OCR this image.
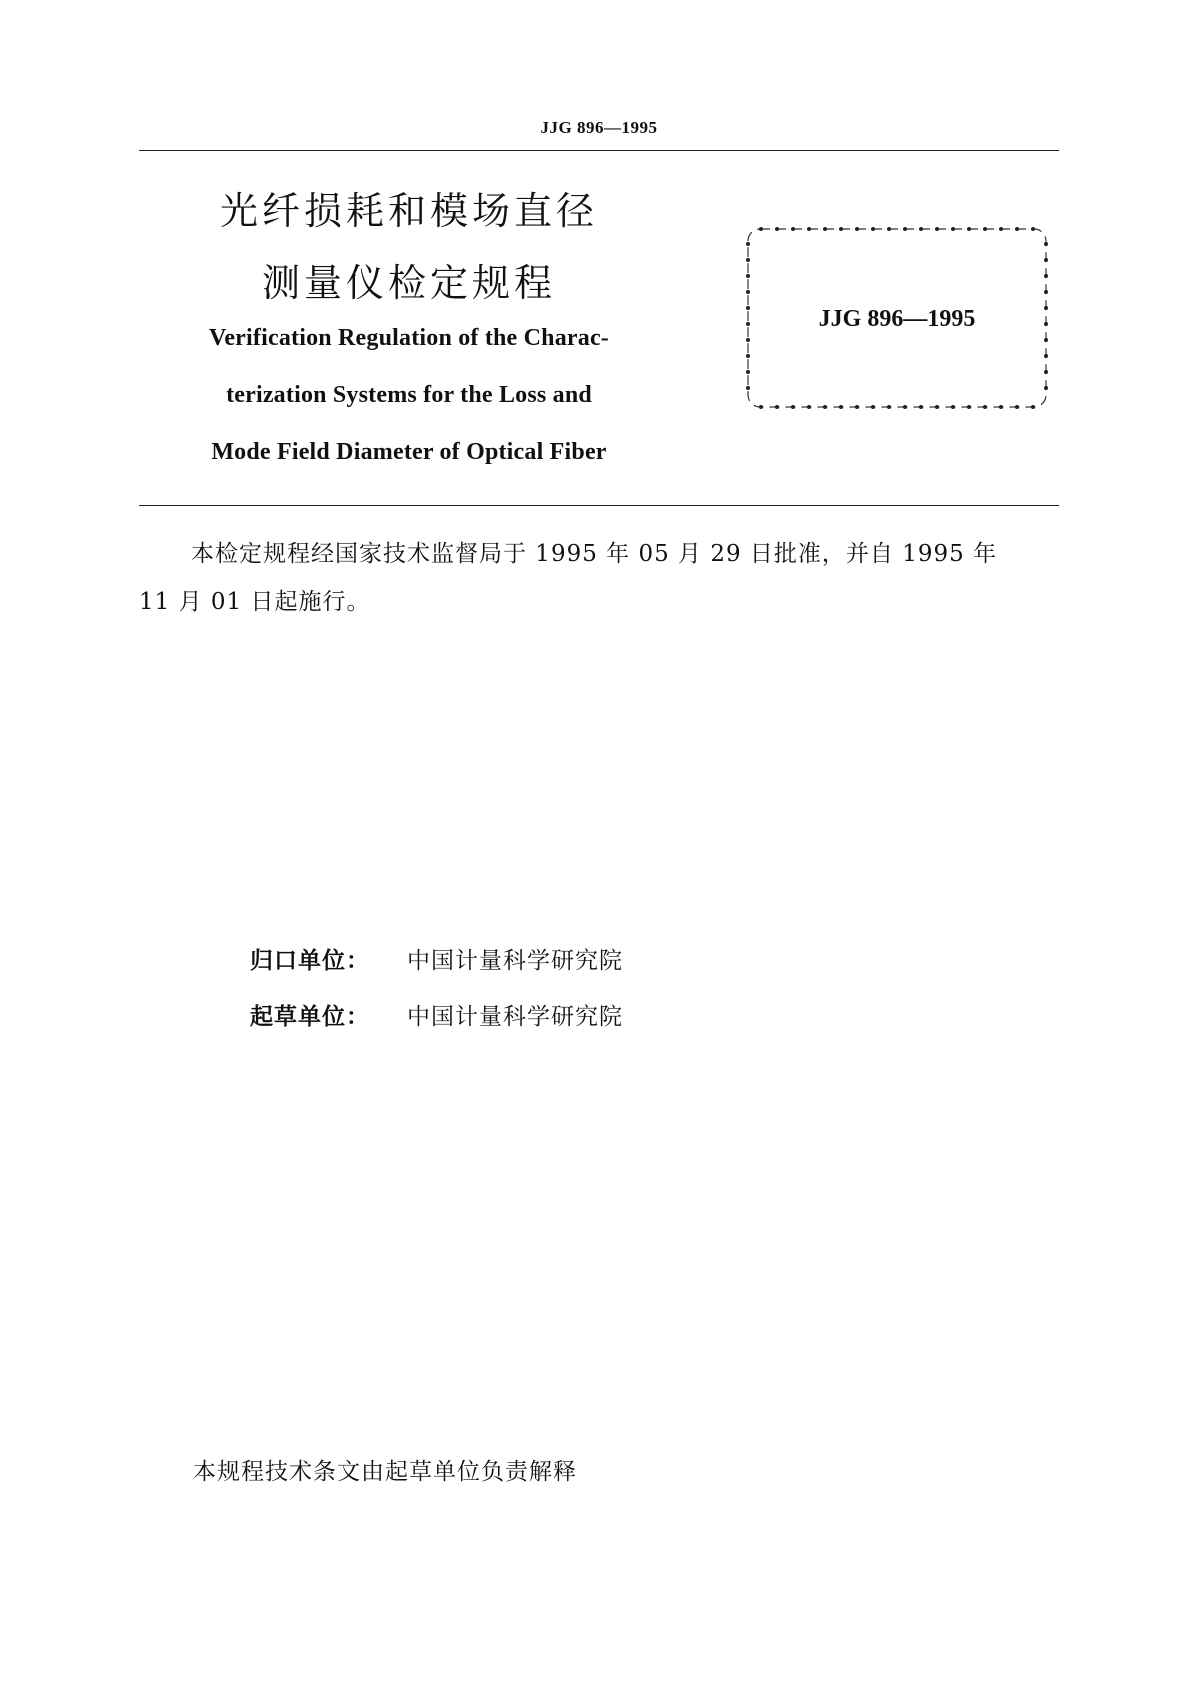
JJG 896—1995
光纤损耗和模场直径
测量仪检定规程
Verification Regulation of the Charac-
terization Systems for the Loss and
Mode Field Diameter of Optical Fiber
JJG 896—1995
本检定规程经国家技术监督局于 1995 年 05 月 29 日批准，并自 1995 年
11 月 01 日起施行。
归口单位： 中国计量科学研究院
起草单位： 中国计量科学研究院
本规程技术条文由起草单位负责解释
